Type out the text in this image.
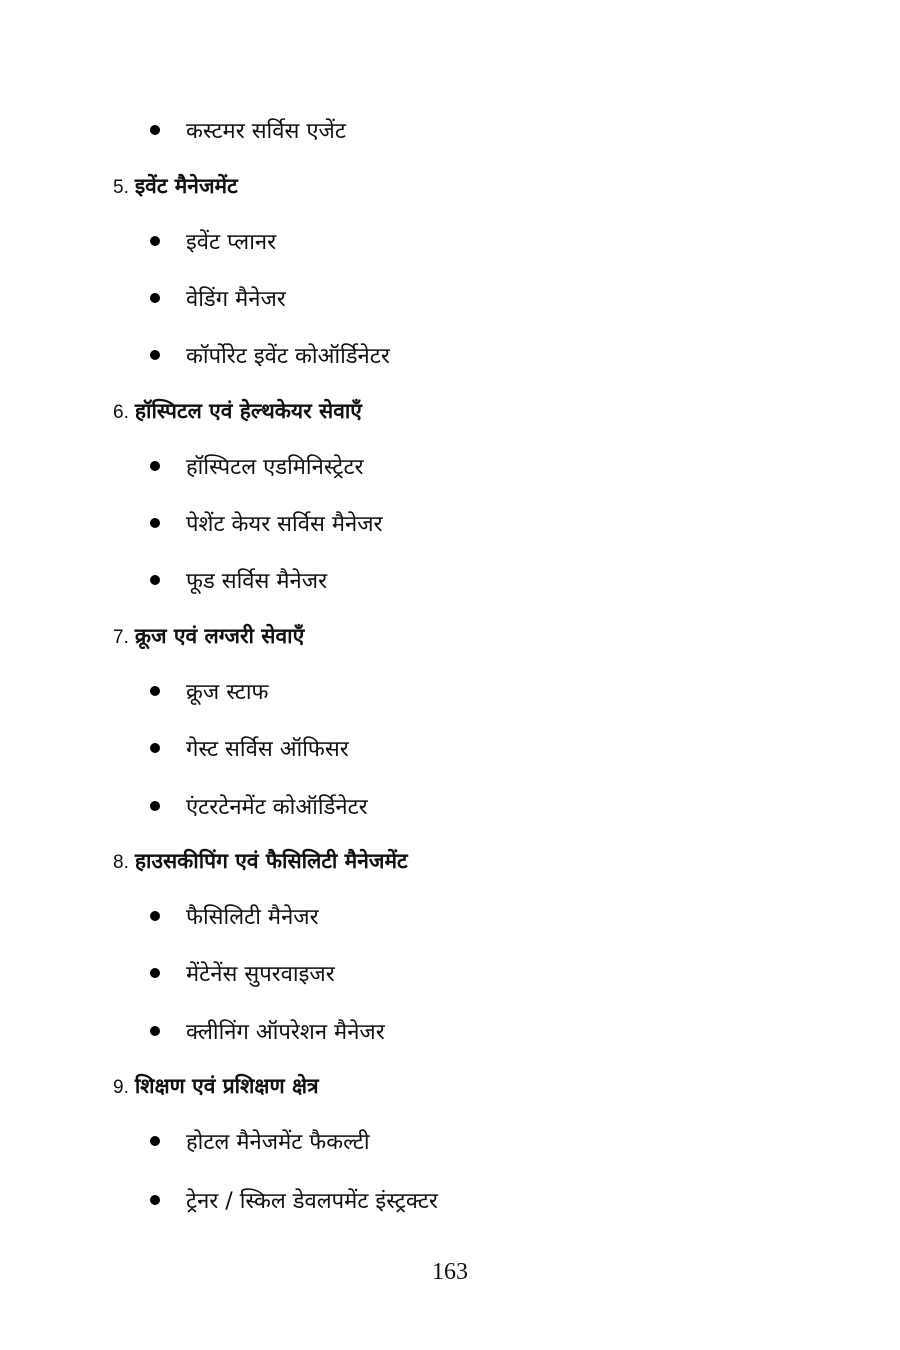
कस्टमर सर्विस एजेंट
5. इवेंट मैनेजमेंट
इवेंट प्लानर
वेडिंग मैनेजर
कॉर्पोरेट इवेंट कोऑर्डिनेटर
6. हॉस्पिटल एवं हेल्थकेयर सेवाएँ
हॉस्पिटल एडमिनिस्ट्रेटर
पेशेंट केयर सर्विस मैनेजर
फूड सर्विस मैनेजर
7. क्रूज एवं लग्जरी सेवाएँ
क्रूज स्टाफ
गेस्ट सर्विस ऑफिसर
एंटरटेनमेंट कोऑर्डिनेटर
8. हाउसकीपिंग एवं फैसिलिटी मैनेजमेंट
फैसिलिटी मैनेजर
मेंटेनेंस सुपरवाइजर
क्लीनिंग ऑपरेशन मैनेजर
9. शिक्षण एवं प्रशिक्षण क्षेत्र
होटल मैनेजमेंट फैकल्टी
ट्रेनर / स्किल डेवलपमेंट इंस्ट्रक्टर
163
